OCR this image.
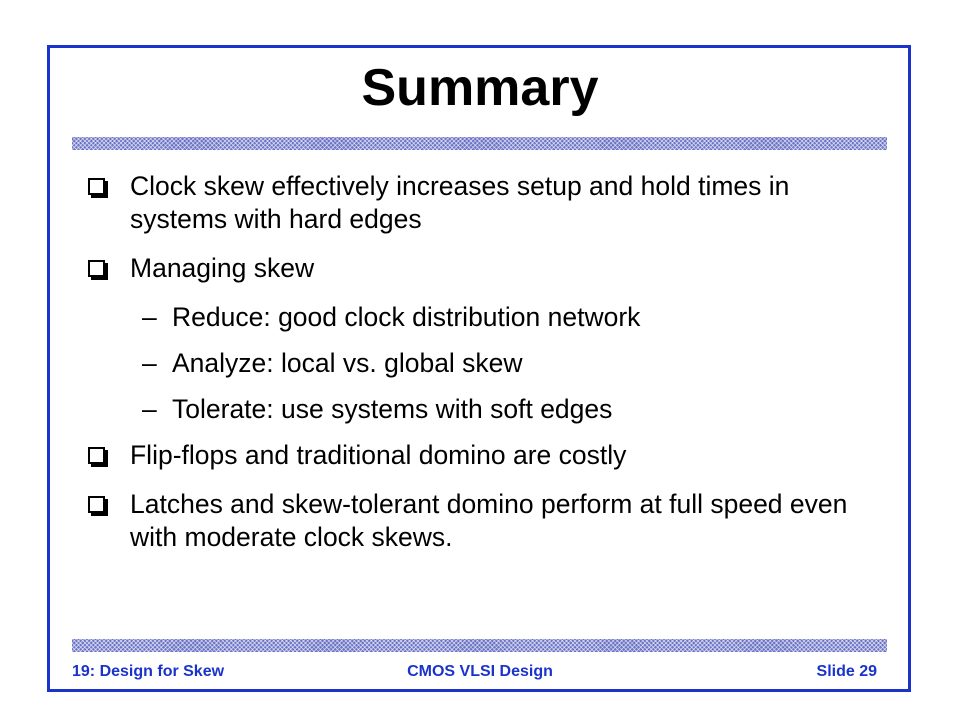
Summary
Clock skew effectively increases setup and hold times in systems with hard edges
Managing skew
– Reduce: good clock distribution network
– Analyze: local vs. global skew
– Tolerate: use systems with soft edges
Flip-flops and traditional domino are costly
Latches and skew-tolerant domino perform at full speed even with moderate clock skews.
19: Design for Skew	CMOS VLSI Design	Slide 29
